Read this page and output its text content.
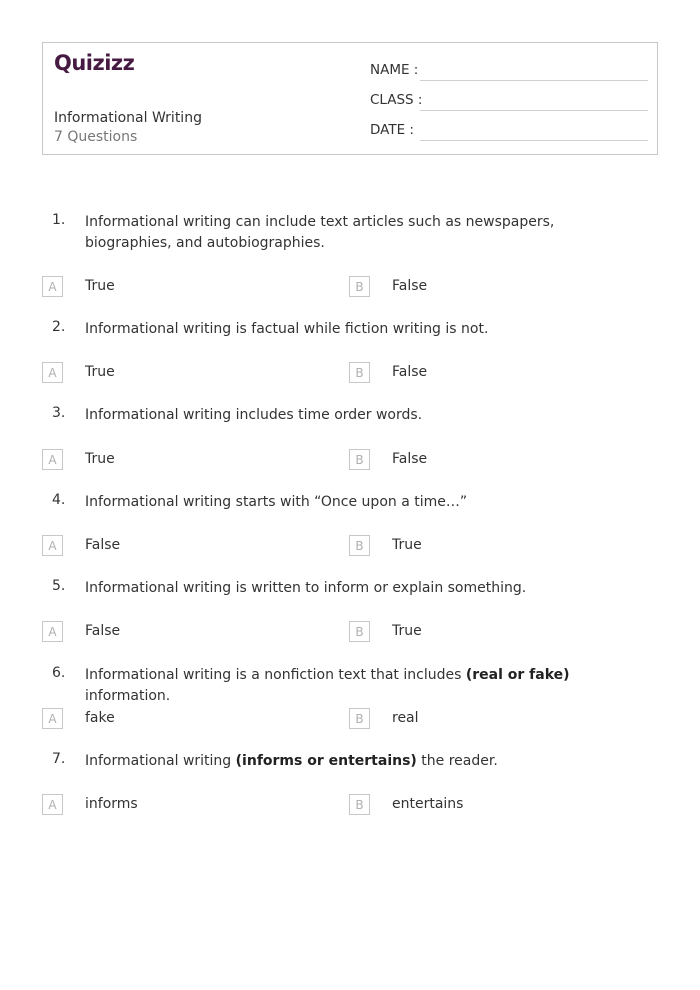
Quizizz
Informational Writing
7 Questions
NAME :
CLASS :
DATE :
1. Informational writing can include text articles such as newspapers, biographies, and autobiographies.
A	True	B	False
2. Informational writing is factual while fiction writing is not.
A	True	B	False
3. Informational writing includes time order words.
A	True	B	False
4. Informational writing starts with “Once upon a time…”
A	False	B	True
5. Informational writing is written to inform or explain something.
A	False	B	True
6. Informational writing is a nonfiction text that includes (real or fake) information.
A	fake	B	real
7. Informational writing (informs or entertains) the reader.
A	informs	B	entertains
